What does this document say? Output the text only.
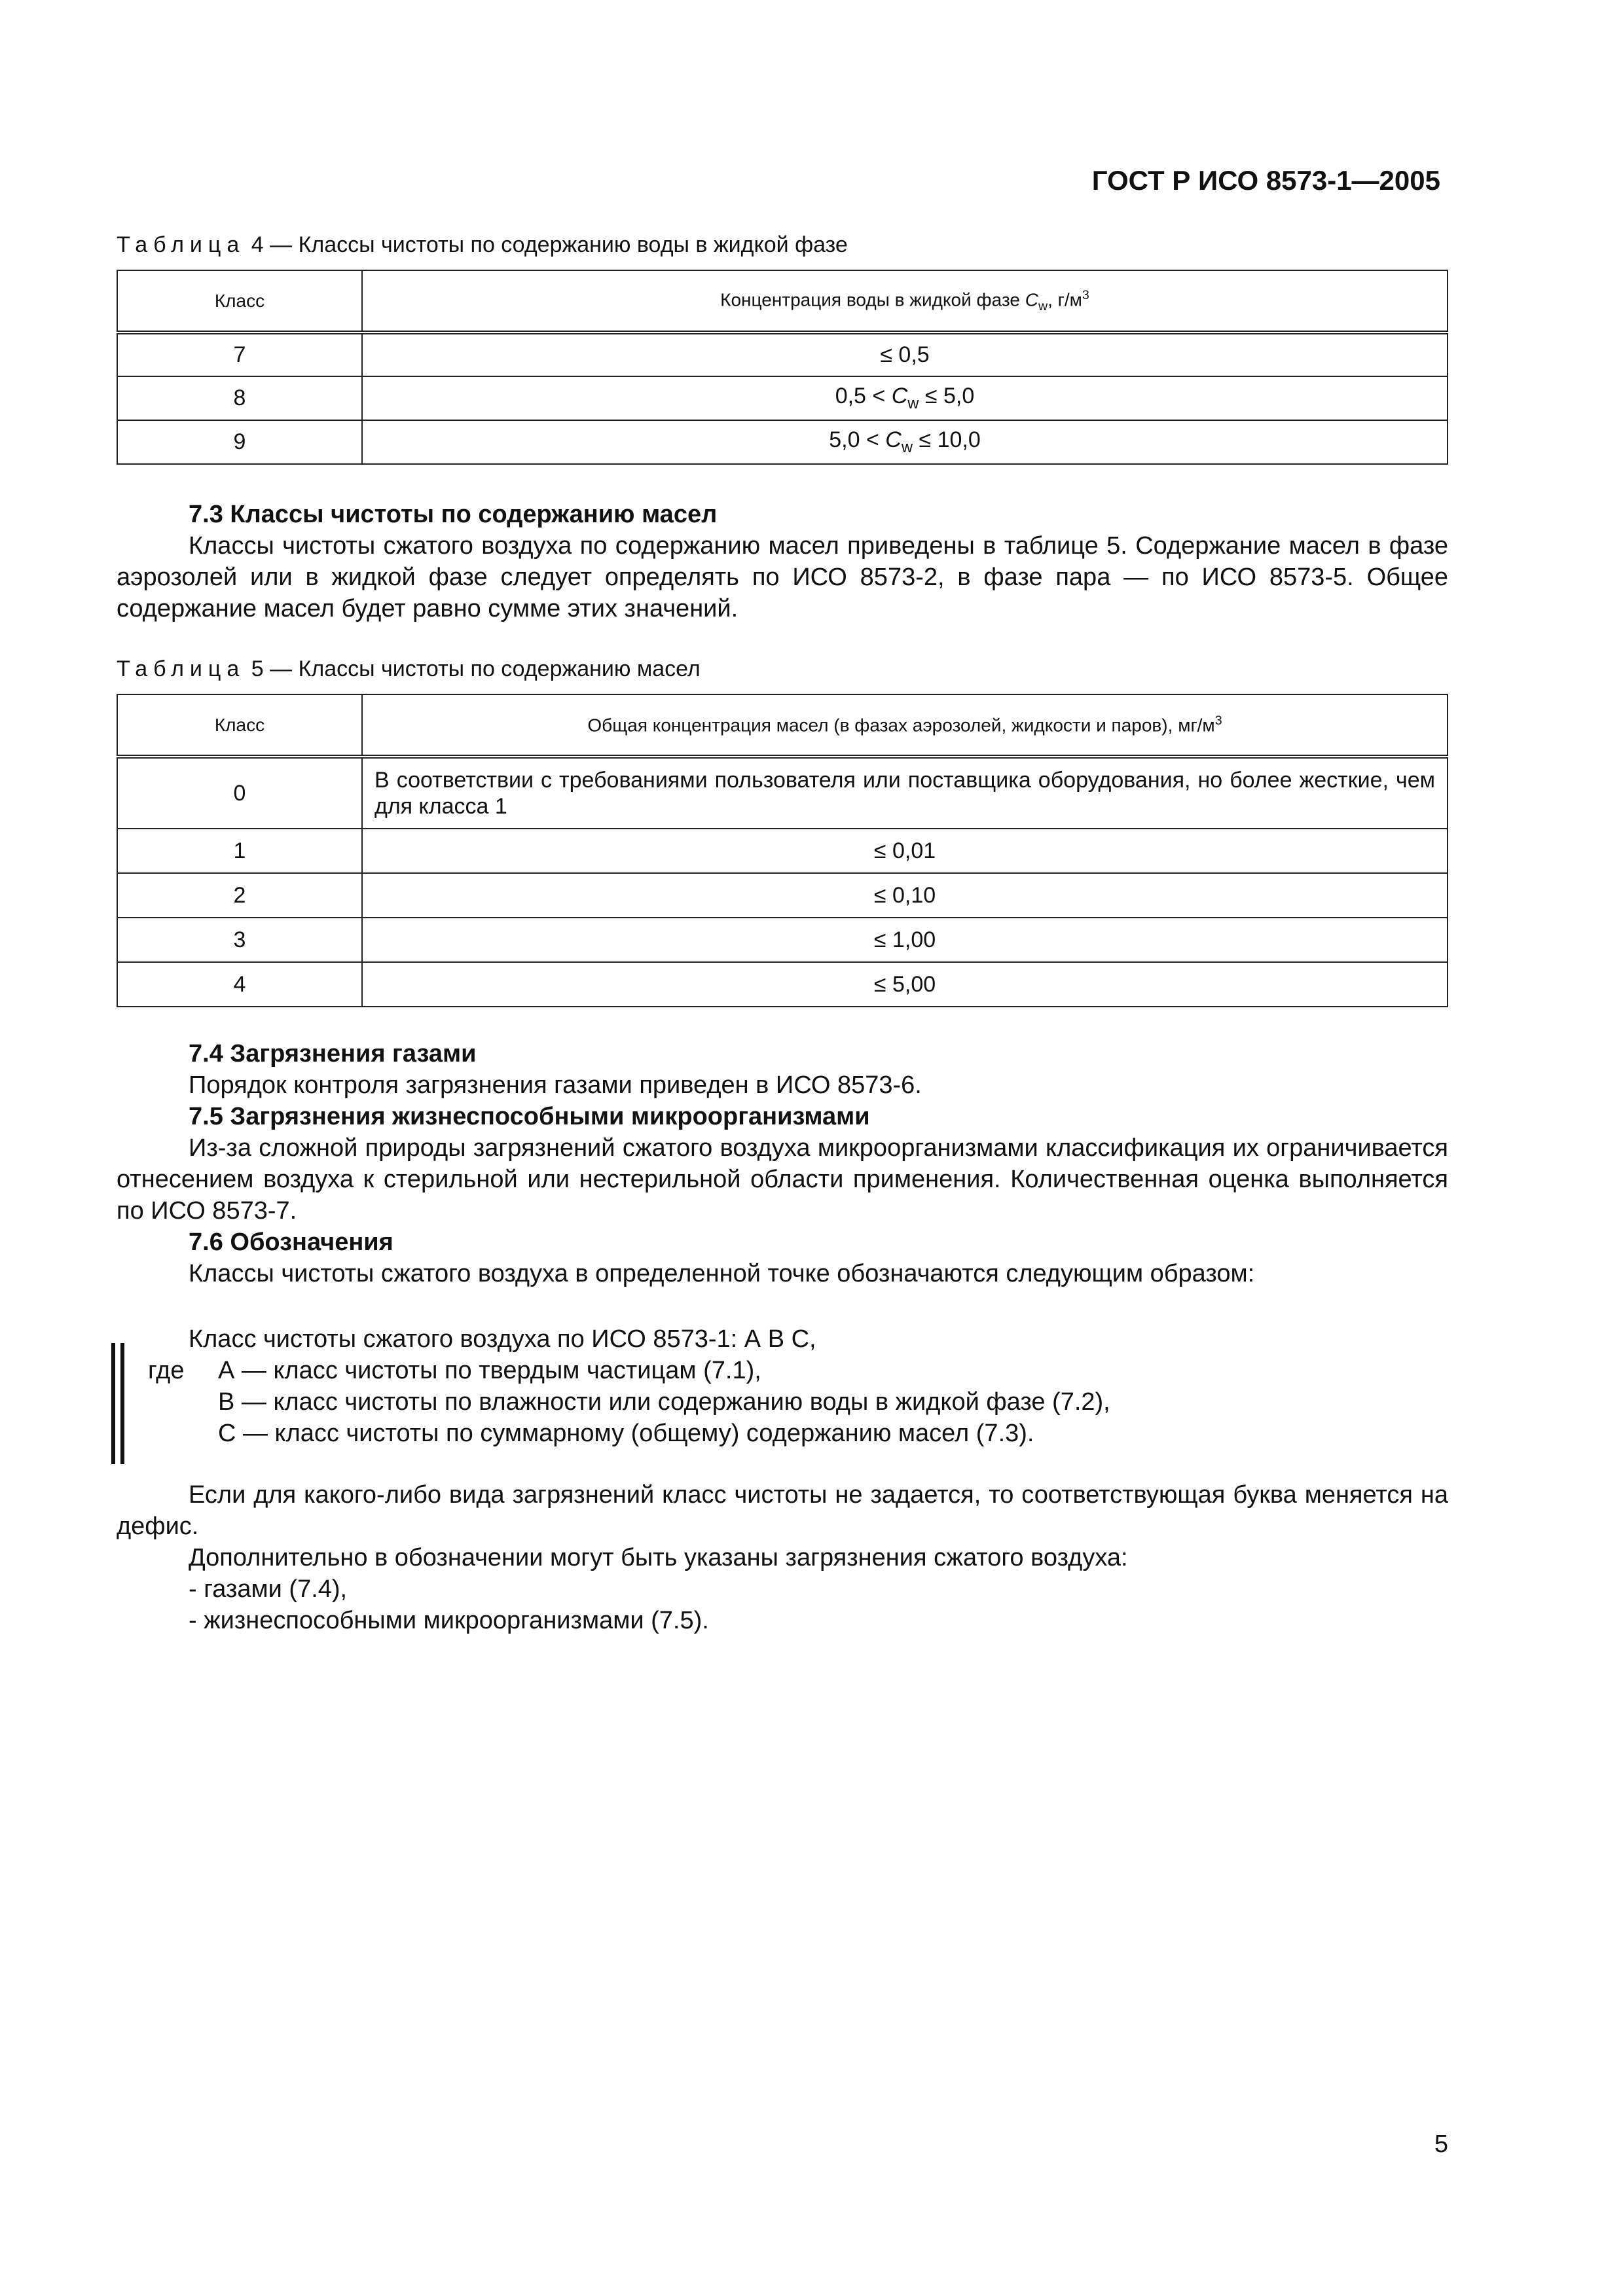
ГОСТ Р ИСО 8573-1—2005
Таблица 4 — Классы чистоты по содержанию воды в жидкой фазе
Класс	Концентрация воды в жидкой фазе $C_w$, $г/м^3$
7	≤ 0,5
8	$0,5 < C_w \le 5,0$
9	$5,0 < C_w \le 10,0$
7.3 Классы чистоты по содержанию масел
Классы чистоты сжатого воздуха по содержанию масел приведены в таблице 5. Содержание масел в фазе аэрозолей или в жидкой фазе следует определять по ИСО 8573-2, в фазе пара — по ИСО 8573-5. Общее содержание масел будет равно сумме этих значений.
Таблица 5 — Классы чистоты по содержанию масел
Класс	Общая концентрация масел (в фазах аэрозолей, жидкости и паров), $мг/м^3$
0	В соответствии с требованиями пользователя или поставщика оборудования, но более жесткие, чем для класса 1
1	≤ 0,01
2	≤ 0,10
3	≤ 1,00
4	≤ 5,00
7.4 Загрязнения газами
Порядок контроля загрязнения газами приведен в ИСО 8573-6.
7.5 Загрязнения жизнеспособными микроорганизмами
Из-за сложной природы загрязнений сжатого воздуха микроорганизмами классификация их ограничивается отнесением воздуха к стерильной или нестерильной области применения. Количественная оценка выполняется по ИСО 8573-7.
7.6 Обозначения
Классы чистоты сжатого воздуха в определенной точке обозначаются следующим образом:
Класс чистоты сжатого воздуха по ИСО 8573-1: А В С,
где А — класс чистоты по твердым частицам (7.1),
В — класс чистоты по влажности или содержанию воды в жидкой фазе (7.2),
С — класс чистоты по суммарному (общему) содержанию масел (7.3).
Если для какого-либо вида загрязнений класс чистоты не задается, то соответствующая буква меняется на дефис.
Дополнительно в обозначении могут быть указаны загрязнения сжатого воздуха:
- газами (7.4),
- жизнеспособными микроорганизмами (7.5).
5
